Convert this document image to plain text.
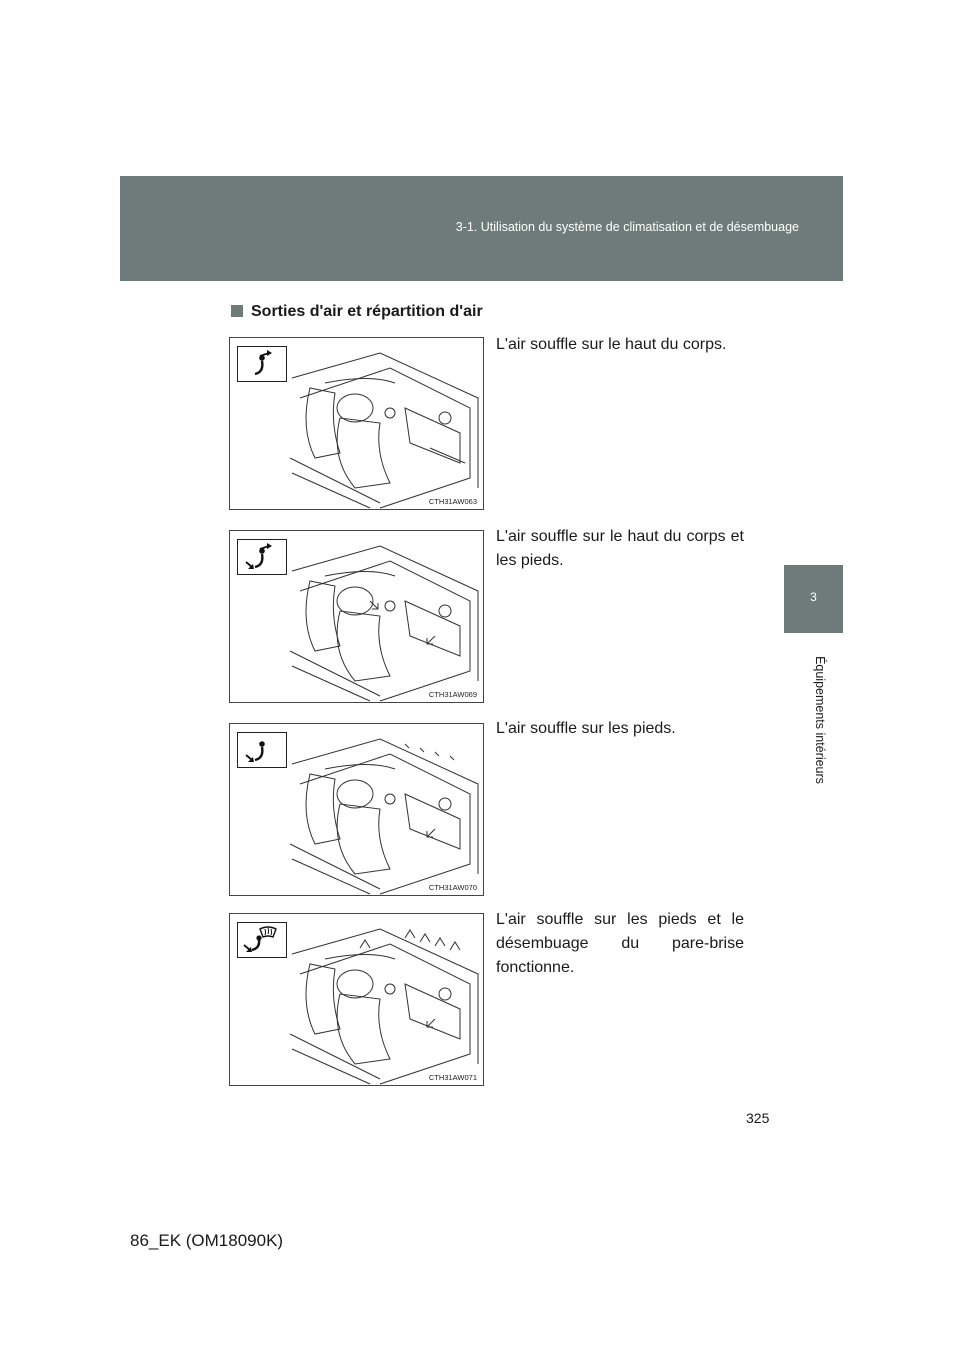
3-1. Utilisation du système de climatisation et de désembuage
3
Équipements intérieurs
Sorties d'air et répartition d'air
CTH31AW063
L'air souffle sur le haut du corps.
CTH31AW069
L'air souffle sur le haut du corps et les pieds.
CTH31AW070
L'air souffle sur les pieds.
CTH31AW071
L'air souffle sur les pieds et le désembuage du pare-brise fonctionne.
325
86_EK (OM18090K)
